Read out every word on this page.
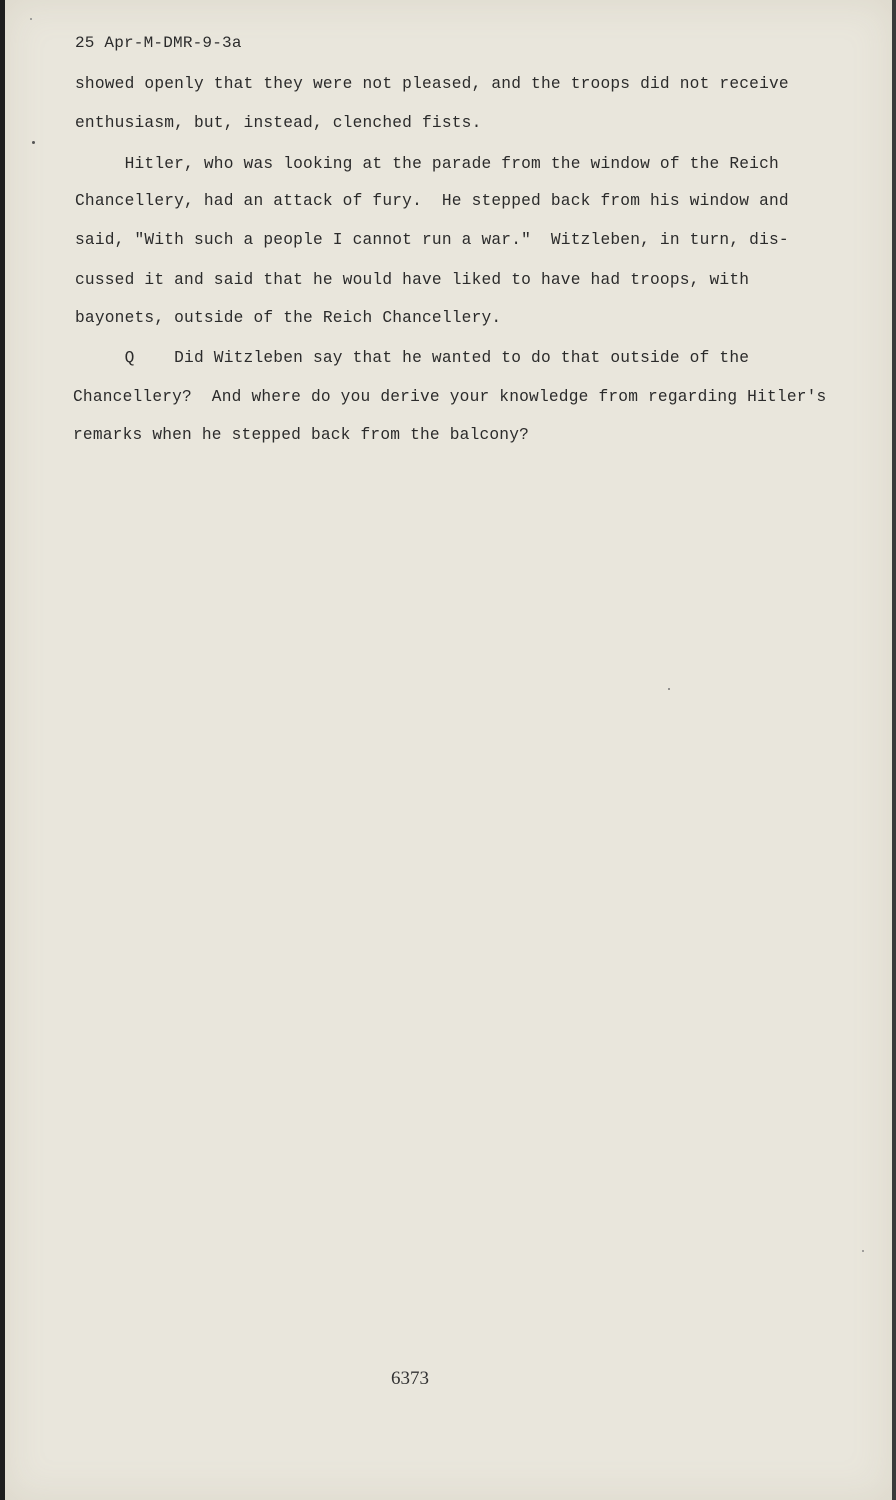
25 Apr-M-DMR-9-3a
showed openly that they were not pleased, and the troops did not receive
enthusiasm, but, instead, clenched fists.
Hitler, who was looking at the parade from the window of the Reich
Chancellery, had an attack of fury.  He stepped back from his window and
said, "With such a people I cannot run a war."  Witzleben, in turn, dis-
cussed it and said that he would have liked to have had troops, with
bayonets, outside of the Reich Chancellery.
Q    Did Witzleben say that he wanted to do that outside of the
Chancellery?  And where do you derive your knowledge from regarding Hitler's
remarks when he stepped back from the balcony?
6373
